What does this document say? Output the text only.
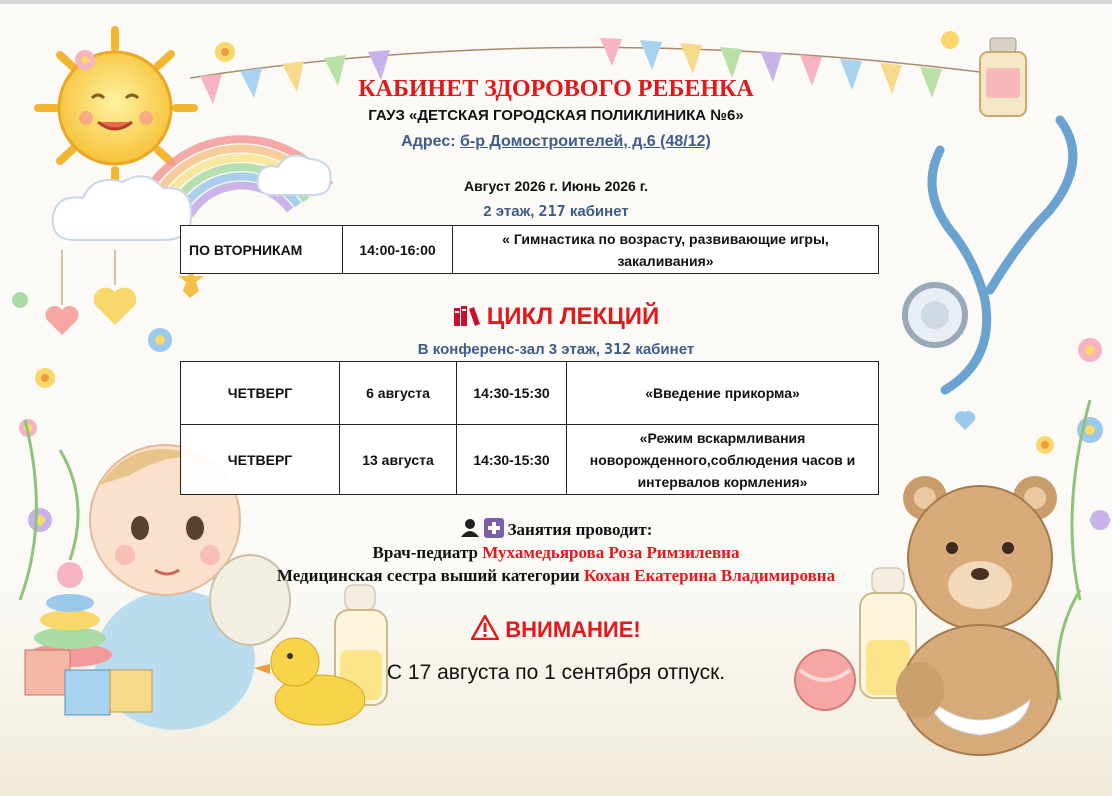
КАБИНЕТ ЗДОРОВОГО РЕБЕНКА
ГАУЗ «ДЕТСКАЯ ГОРОДСКАЯ ПОЛИКЛИНИКА №6»
Адрес: б-р Домостроителей, д.6 (48/12)
Август 2026 г. Июнь 2026 г.
2 этаж, 217 кабинет
ПО ВТОРНИКАМ	14:00-16:00	« Гимнастика по возрасту, развивающие игры, закаливания»
ЦИКЛ ЛЕКЦИЙ
В конференс-зал 3 этаж, 312 кабинет
ЧЕТВЕРГ	6 августа	14:30-15:30	«Введение прикорма»
ЧЕТВЕРГ	13 августа	14:30-15:30	«Режим вскармливания новорожденного,соблюдения часов и интервалов кормления»
Занятия проводит:
Врач-педиатр Мухамедьярова Роза Римзилевна
Медицинская сестра выший категории Кохан Екатерина Владимировна
ВНИМАНИЕ!
С 17 августа по 1 сентября отпуск.
